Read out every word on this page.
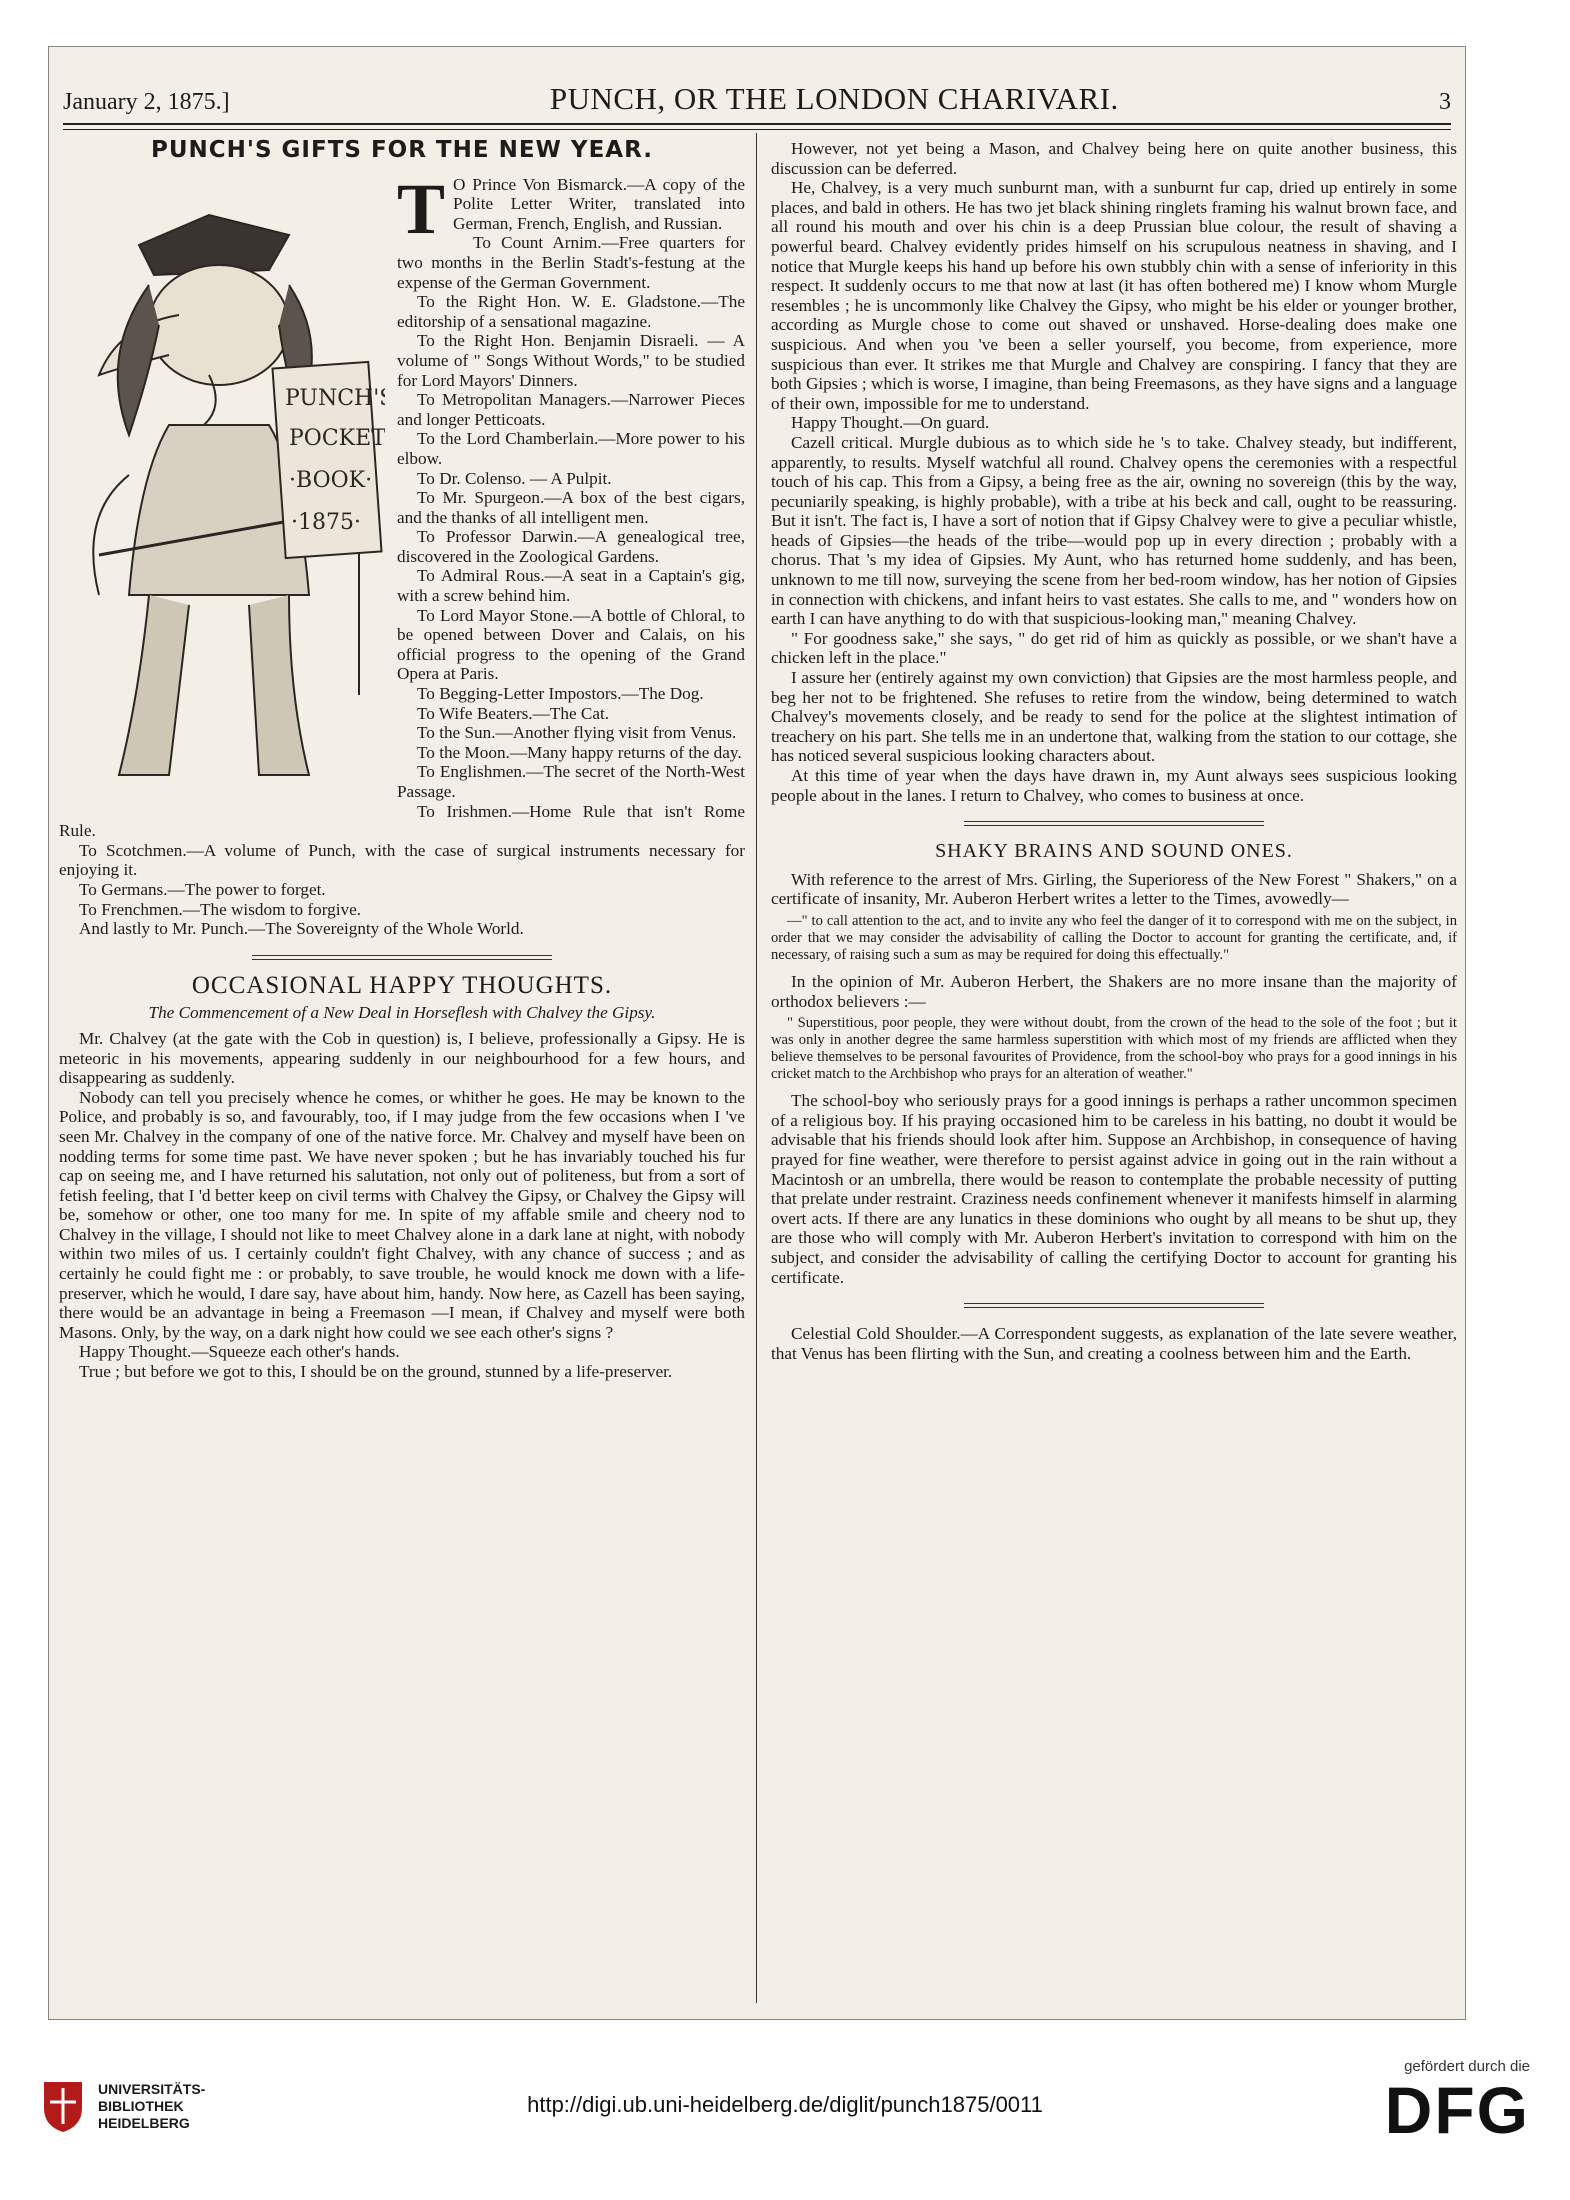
January 2, 1875.]	PUNCH, OR THE LONDON CHARIVARI.	3
PUNCH'S GIFTS FOR THE NEW YEAR.
PUNCH'S
POCKET
·BOOK·
·1875·
T O Prince Von Bismarck.—A copy of the Polite Letter Writer, translated into German, French, English, and Russian.

To Count Arnim.—Free quarters for two months in the Berlin Stadt's-festung at the expense of the German Government.

To the Right Hon. W. E. Gladstone.—The editorship of a sensational magazine.

To the Right Hon. Benjamin Disraeli. — A volume of " Songs Without Words," to be studied for Lord Mayors' Dinners.

To Metropolitan Managers.—Narrower Pieces and longer Petticoats.

To the Lord Chamberlain.—More power to his elbow.

To Dr. Colenso. — A Pulpit.

To Mr. Spurgeon.—A box of the best cigars, and the thanks of all intelligent men.

To Professor Darwin.—A genealogical tree, discovered in the Zoological Gardens.

To Admiral Rous.—A seat in a Captain's gig, with a screw behind him.

To Lord Mayor Stone.—A bottle of Chloral, to be opened between Dover and Calais, on his official progress to the opening of the Grand Opera at Paris.

To Begging-Letter Impostors.—The Dog.

To Wife Beaters.—The Cat.

To the Sun.—Another flying visit from Venus.

To the Moon.—Many happy returns of the day.

To Englishmen.—The secret of the North-West Passage.

To Irishmen.—Home Rule that isn't Rome Rule.

To Scotchmen.—A volume of Punch, with the case of surgical instruments necessary for enjoying it.

To Germans.—The power to forget.

To Frenchmen.—The wisdom to forgive.

And lastly to Mr. Punch.—The Sovereignty of the Whole World.

OCCASIONAL HAPPY THOUGHTS.
The Commencement of a New Deal in Horseflesh with Chalvey the Gipsy.

Mr. Chalvey (at the gate with the Cob in question) is, I believe, professionally a Gipsy. He is meteoric in his movements, appearing suddenly in our neighbourhood for a few hours, and disappearing as suddenly.

Nobody can tell you precisely whence he comes, or whither he goes. He may be known to the Police, and probably is so, and favourably, too, if I may judge from the few occasions when I 've seen Mr. Chalvey in the company of one of the native force. Mr. Chalvey and myself have been on nodding terms for some time past. We have never spoken ; but he has invariably touched his fur cap on seeing me, and I have returned his salutation, not only out of politeness, but from a sort of fetish feeling, that I 'd better keep on civil terms with Chalvey the Gipsy, or Chalvey the Gipsy will be, somehow or other, one too many for me. In spite of my affable smile and cheery nod to Chalvey in the village, I should not like to meet Chalvey alone in a dark lane at night, with nobody within two miles of us. I certainly couldn't fight Chalvey, with any chance of success ; and as certainly he could fight me : or probably, to save trouble, he would knock me down with a life-preserver, which he would, I dare say, have about him, handy. Now here, as Cazell has been saying, there would be an advantage in being a Freemason —I mean, if Chalvey and myself were both Masons. Only, by the way, on a dark night how could we see each other's signs ?

Happy Thought.—Squeeze each other's hands.

True ; but before we got to this, I should be on the ground, stunned by a life-preserver.

However, not yet being a Mason, and Chalvey being here on quite another business, this discussion can be deferred.

He, Chalvey, is a very much sunburnt man, with a sunburnt fur cap, dried up entirely in some places, and bald in others. He has two jet black shining ringlets framing his walnut brown face, and all round his mouth and over his chin is a deep Prussian blue colour, the result of shaving a powerful beard. Chalvey evidently prides himself on his scrupulous neatness in shaving, and I notice that Murgle keeps his hand up before his own stubbly chin with a sense of inferiority in this respect. It suddenly occurs to me that now at last (it has often bothered me) I know whom Murgle resembles ; he is uncommonly like Chalvey the Gipsy, who might be his elder or younger brother, according as Murgle chose to come out shaved or unshaved. Horse-dealing does make one suspicious. And when you 've been a seller yourself, you become, from experience, more suspicious than ever. It strikes me that Murgle and Chalvey are conspiring. I fancy that they are both Gipsies ; which is worse, I imagine, than being Freemasons, as they have signs and a language of their own, impossible for me to understand.

Happy Thought.—On guard.

Cazell critical. Murgle dubious as to which side he 's to take. Chalvey steady, but indifferent, apparently, to results. Myself watchful all round. Chalvey opens the ceremonies with a respectful touch of his cap. This from a Gipsy, a being free as the air, owning no sovereign (this by the way, pecuniarily speaking, is highly probable), with a tribe at his beck and call, ought to be reassuring. But it isn't. The fact is, I have a sort of notion that if Gipsy Chalvey were to give a peculiar whistle, heads of Gipsies—the heads of the tribe—would pop up in every direction ; probably with a chorus. That 's my idea of Gipsies. My Aunt, who has returned home suddenly, and has been, unknown to me till now, surveying the scene from her bed-room window, has her notion of Gipsies in connection with chickens, and infant heirs to vast estates. She calls to me, and " wonders how on earth I can have anything to do with that suspicious-looking man," meaning Chalvey.

" For goodness sake," she says, " do get rid of him as quickly as possible, or we shan't have a chicken left in the place."

I assure her (entirely against my own conviction) that Gipsies are the most harmless people, and beg her not to be frightened. She refuses to retire from the window, being determined to watch Chalvey's movements closely, and be ready to send for the police at the slightest intimation of treachery on his part. She tells me in an undertone that, walking from the station to our cottage, she has noticed several suspicious looking characters about.

At this time of year when the days have drawn in, my Aunt always sees suspicious looking people about in the lanes. I return to Chalvey, who comes to business at once.

SHAKY BRAINS AND SOUND ONES.

With reference to the arrest of Mrs. Girling, the Superioress of the New Forest " Shakers," on a certificate of insanity, Mr. Auberon Herbert writes a letter to the Times, avowedly—

—" to call attention to the act, and to invite any who feel the danger of it to correspond with me on the subject, in order that we may consider the advisability of calling the Doctor to account for granting the certificate, and, if necessary, of raising such a sum as may be required for doing this effectually."

In the opinion of Mr. Auberon Herbert, the Shakers are no more insane than the majority of orthodox believers :—

" Superstitious, poor people, they were without doubt, from the crown of the head to the sole of the foot ; but it was only in another degree the same harmless superstition with which most of my friends are afflicted when they believe themselves to be personal favourites of Providence, from the school-boy who prays for a good innings in his cricket match to the Archbishop who prays for an alteration of weather."

The school-boy who seriously prays for a good innings is perhaps a rather uncommon specimen of a religious boy. If his praying occasioned him to be careless in his batting, no doubt it would be advisable that his friends should look after him. Suppose an Archbishop, in consequence of having prayed for fine weather, were therefore to persist against advice in going out in the rain without a Macintosh or an umbrella, there would be reason to contemplate the probable necessity of putting that prelate under restraint. Craziness needs confinement whenever it manifests himself in alarming overt acts. If there are any lunatics in these dominions who ought by all means to be shut up, they are those who will comply with Mr. Auberon Herbert's invitation to correspond with him on the subject, and consider the advisability of calling the certifying Doctor to account for granting his certificate.

Celestial Cold Shoulder.—A Correspondent suggests, as explanation of the late severe weather, that Venus has been flirting with the Sun, and creating a coolness between him and the Earth.

UNIVERSITÄTS-
BIBLIOTHEK
HEIDELBERG
http://digi.ub.uni-heidelberg.de/diglit/punch1875/0011
gefördert durch die
DFG
